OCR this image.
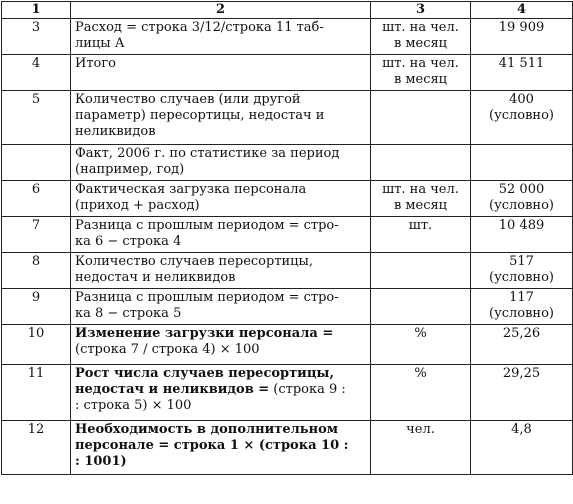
1	2	3	4
3	Расход = строка 3/12/строка 11 таб-
лицы А	шт. на чел.
в месяц	19 909

4	Итого	шт. на чел.
в месяц	41 511

5	Количество случаев (или другой
параметр) пересортицы, недостач и
неликвидов		400
(условно)

	Факт, 2006 г. по статистике за период
(например, год)		

6	Фактическая загрузка персонала
(приход + расход)	шт. на чел.
в месяц	52 000
(условно)

7	Разница с прошлым периодом = стро-
ка 6 − строка 4	шт.	10 489

8	Количество случаев пересортицы,
недостач и неликвидов		517
(условно)

9	Разница с прошлым периодом = стро-
ка 8 − строка 5		117
(условно)

10	Изменение загрузки персонала =
(строка 7 / строка 4) × 100	%	25,26

11	Рост числа случаев пересортицы,
недостач и неликвидов = (строка 9 :
: строка 5) × 100	%	29,25

12	Необходимость в дополнительном
персонале = строка 1 × (строка 10 :
: 1001)	чел.	4,8
